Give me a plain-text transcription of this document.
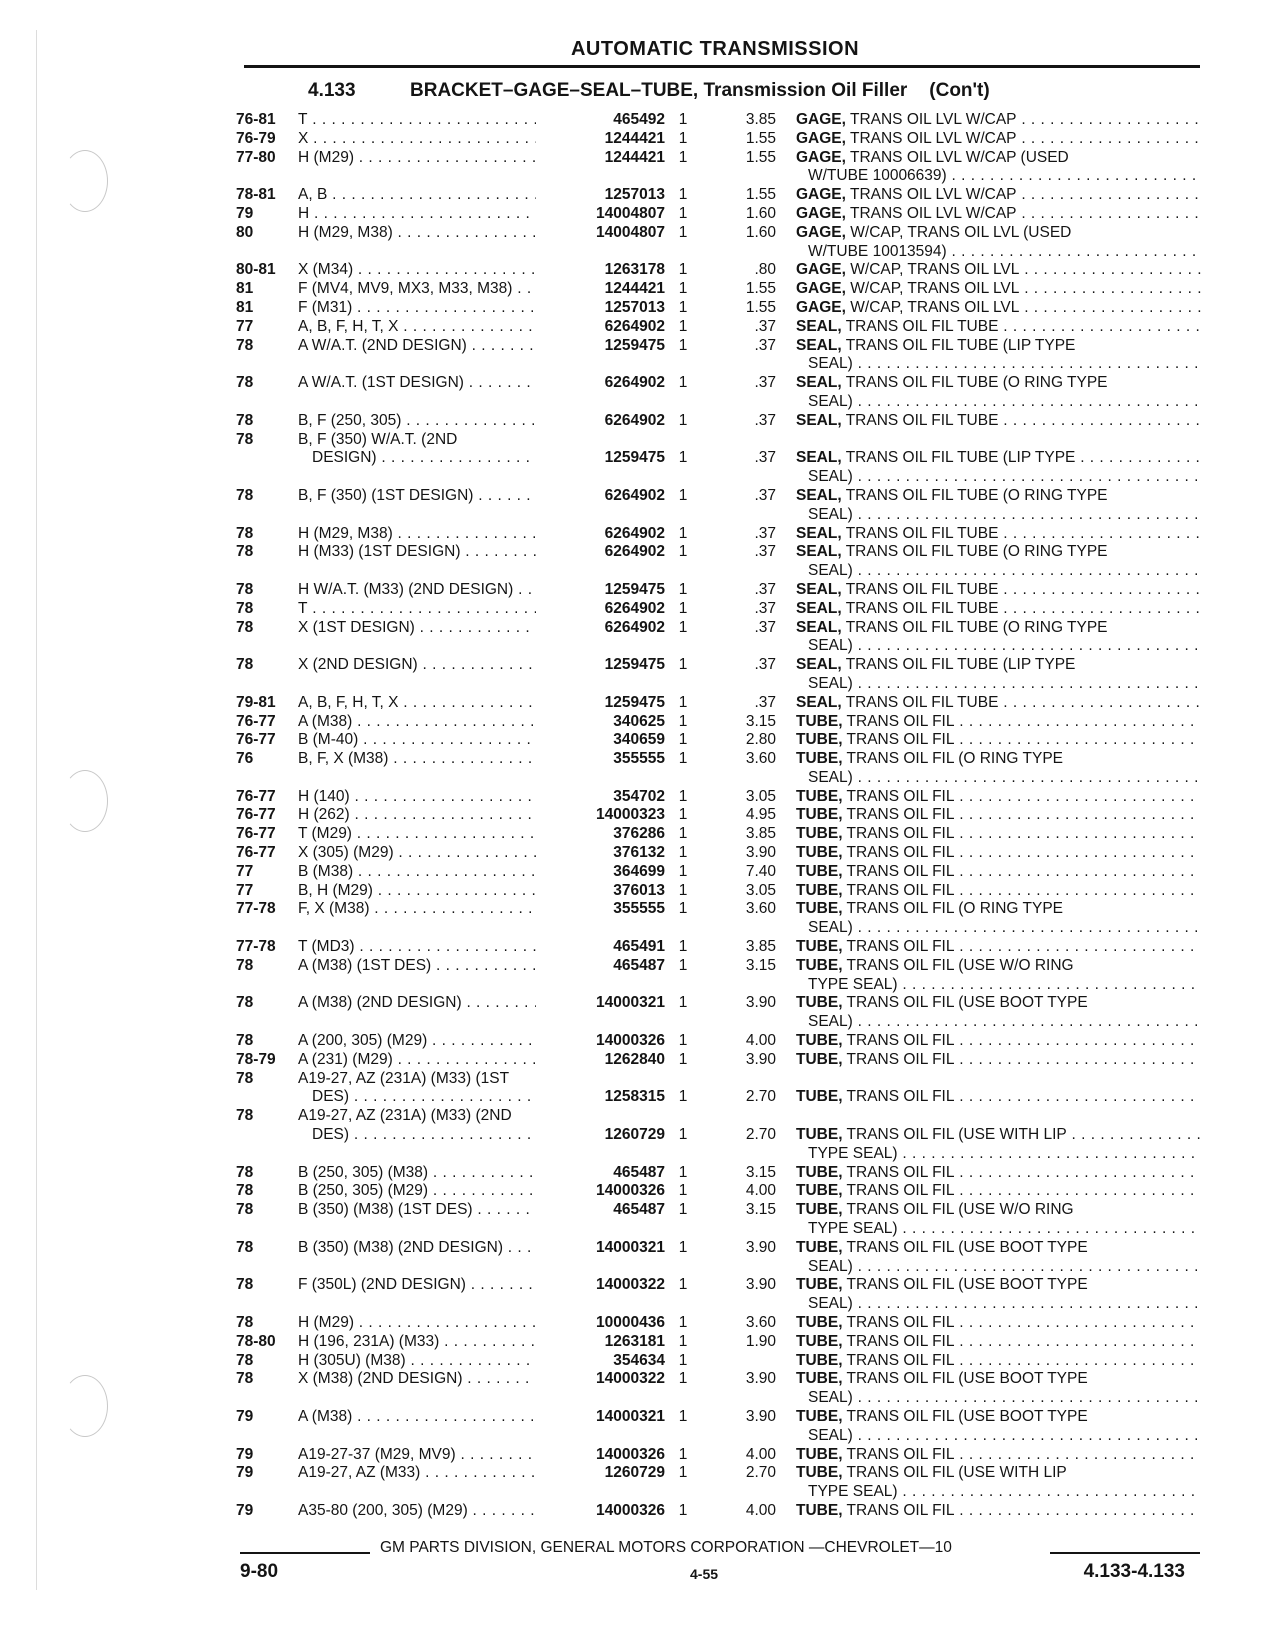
AUTOMATIC TRANSMISSION
4.133	BRACKET–GAGE–SEAL–TUBE, Transmission Oil Filler (Con't)
76-81	T . . .	465492 1	3.85 GAGE, TRANS OIL LVL W/CAP . . .
76-79	X . . .	1244421 1	1.55 GAGE, TRANS OIL LVL W/CAP . . .
77-80	H (M29) . . .	1244421 1	1.55 GAGE, TRANS OIL LVL W/CAP (USED
W/TUBE 10006639) . . .
78-81	A, B . . .	1257013 1	1.55 GAGE, TRANS OIL LVL W/CAP . . .
79	H . . .	14004807 1	1.60 GAGE, TRANS OIL LVL W/CAP . . .
80	H (M29, M38) . . .	14004807 1	1.60 GAGE, W/CAP, TRANS OIL LVL (USED
W/TUBE 10013594) . . .
80-81	X (M34) . . .	1263178 1	.80 GAGE, W/CAP, TRANS OIL LVL . . .
81	F (MV4, MV9, MX3, M33, M38) . . .	1244421 1	1.55 GAGE, W/CAP, TRANS OIL LVL . . .
81	F (M31) . . .	1257013 1	1.55 GAGE, W/CAP, TRANS OIL LVL . . .
77	A, B, F, H, T, X . . .	6264902 1	.37 SEAL, TRANS OIL FIL TUBE . . .
78	A W/A.T. (2ND DESIGN) . . .	1259475 1	.37 SEAL, TRANS OIL FIL TUBE (LIP TYPE
SEAL) . . .
78	A W/A.T. (1ST DESIGN) . . .	6264902 1	.37 SEAL, TRANS OIL FIL TUBE (O RING TYPE
SEAL) . . .
78	B, F (250, 305) . . .	6264902 1	.37 SEAL, TRANS OIL FIL TUBE . . .
78	B, F (350) W/A.T. (2ND
DESIGN) . . .	1259475 1	.37 SEAL, TRANS OIL FIL TUBE (LIP TYPE . . .
SEAL) . . .
78	B, F (350) (1ST DESIGN) . . .	6264902 1	.37 SEAL, TRANS OIL FIL TUBE (O RING TYPE
SEAL) . . .
78	H (M29, M38) . . .	6264902 1	.37 SEAL, TRANS OIL FIL TUBE . . .
78	H (M33) (1ST DESIGN) . . .	6264902 1	.37 SEAL, TRANS OIL FIL TUBE (O RING TYPE
SEAL) . . .
78	H W/A.T. (M33) (2ND DESIGN) . . .	1259475 1	.37 SEAL, TRANS OIL FIL TUBE . . .
78	T . . .	6264902 1	.37 SEAL, TRANS OIL FIL TUBE . . .
78	X (1ST DESIGN) . . .	6264902 1	.37 SEAL, TRANS OIL FIL TUBE (O RING TYPE
SEAL) . . .
78	X (2ND DESIGN) . . .	1259475 1	.37 SEAL, TRANS OIL FIL TUBE (LIP TYPE
SEAL) . . .
79-81	A, B, F, H, T, X . . .	1259475 1	.37 SEAL, TRANS OIL FIL TUBE . . .
76-77	A (M38) . . .	340625 1	3.15 TUBE, TRANS OIL FIL . . .
76-77	B (M-40) . . .	340659 1	2.80 TUBE, TRANS OIL FIL . . .
76	B, F, X (M38) . . .	355555 1	3.60 TUBE, TRANS OIL FIL (O RING TYPE
SEAL) . . .
76-77	H (140) . . .	354702 1	3.05 TUBE, TRANS OIL FIL . . .
76-77	H (262) . . .	14000323 1	4.95 TUBE, TRANS OIL FIL . . .
76-77	T (M29) . . .	376286 1	3.85 TUBE, TRANS OIL FIL . . .
76-77	X (305) (M29) . . .	376132 1	3.90 TUBE, TRANS OIL FIL . . .
77	B (M38) . . .	364699 1	7.40 TUBE, TRANS OIL FIL . . .
77	B, H (M29) . . .	376013 1	3.05 TUBE, TRANS OIL FIL . . .
77-78	F, X (M38) . . .	355555 1	3.60 TUBE, TRANS OIL FIL (O RING TYPE
SEAL) . . .
77-78	T (MD3) . . .	465491 1	3.85 TUBE, TRANS OIL FIL . . .
78	A (M38) (1ST DES) . . .	465487 1	3.15 TUBE, TRANS OIL FIL (USE W/O RING
TYPE SEAL) . . .
78	A (M38) (2ND DESIGN) . . .	14000321 1	3.90 TUBE, TRANS OIL FIL (USE BOOT TYPE
SEAL) . . .
78	A (200, 305) (M29) . . .	14000326 1	4.00 TUBE, TRANS OIL FIL . . .
78-79	A (231) (M29) . . .	1262840 1	3.90 TUBE, TRANS OIL FIL . . .
78	A19-27, AZ (231A) (M33) (1ST
DES) . . .	1258315 1	2.70 TUBE, TRANS OIL FIL . . .
78	A19-27, AZ (231A) (M33) (2ND
DES) . . .	1260729 1	2.70 TUBE, TRANS OIL FIL (USE WITH LIP . . .
TYPE SEAL) . . .
78	B (250, 305) (M38) . . .	465487 1	3.15 TUBE, TRANS OIL FIL . . .
78	B (250, 305) (M29) . . .	14000326 1	4.00 TUBE, TRANS OIL FIL . . .
78	B (350) (M38) (1ST DES) . . .	465487 1	3.15 TUBE, TRANS OIL FIL (USE W/O RING
TYPE SEAL) . . .
78	B (350) (M38) (2ND DESIGN) . . .	14000321 1	3.90 TUBE, TRANS OIL FIL (USE BOOT TYPE
SEAL) . . .
78	F (350L) (2ND DESIGN) . . .	14000322 1	3.90 TUBE, TRANS OIL FIL (USE BOOT TYPE
SEAL) . . .
78	H (M29) . . .	10000436 1	3.60 TUBE, TRANS OIL FIL . . .
78-80	H (196, 231A) (M33) . . .	1263181 1	1.90 TUBE, TRANS OIL FIL . . .
78	H (305U) (M38) . . .	354634 1	TUBE, TRANS OIL FIL . . .
78	X (M38) (2ND DESIGN) . . .	14000322 1	3.90 TUBE, TRANS OIL FIL (USE BOOT TYPE
SEAL) . . .
79	A (M38) . . .	14000321 1	3.90 TUBE, TRANS OIL FIL (USE BOOT TYPE
SEAL) . . .
79	A19-27-37 (M29, MV9) . . .	14000326 1	4.00 TUBE, TRANS OIL FIL . . .
79	A19-27, AZ (M33) . . .	1260729 1	2.70 TUBE, TRANS OIL FIL (USE WITH LIP
TYPE SEAL) . . .
79	A35-80 (200, 305) (M29) . . .	14000326 1	4.00 TUBE, TRANS OIL FIL . . .
GM PARTS DIVISION, GENERAL MOTORS CORPORATION —CHEVROLET—10
9-80	4-55	4.133-4.133
